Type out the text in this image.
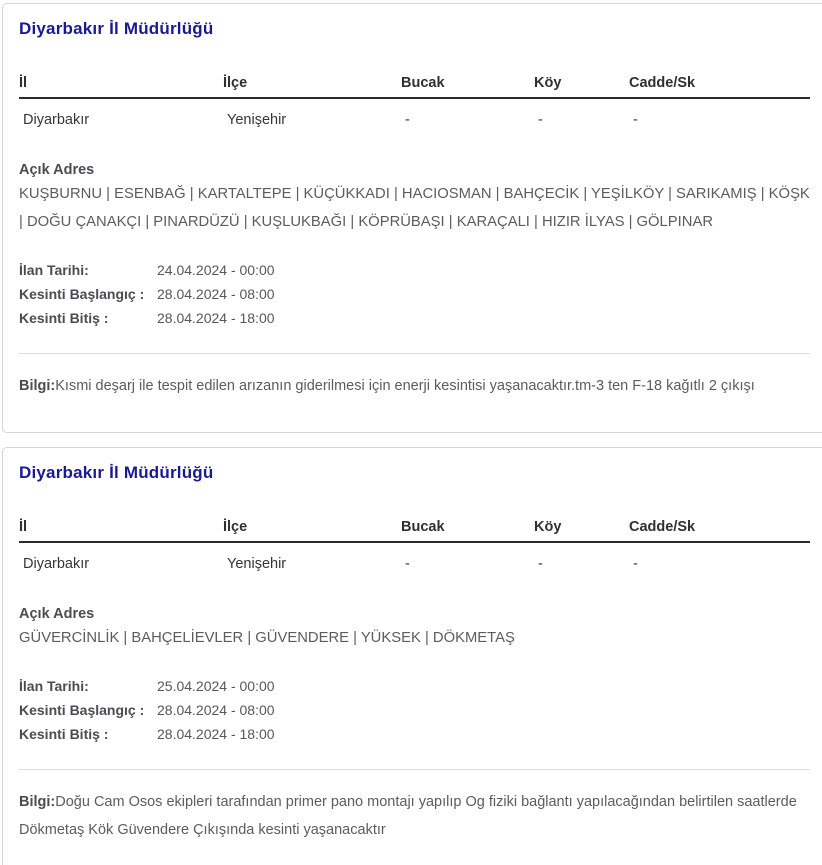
Diyarbakır İl Müdürlüğü
İl	İlçe	Bucak	Köy	Cadde/Sk
Diyarbakır	Yenişehir	-	-	-
Açık Adres
KUŞBURNU | ESENBAĞ | KARTALTEPE | KÜÇÜKKADI | HACIOSMAN | BAHÇECİK | YEŞİLKÖY | SARIKAMIŞ | KÖŞK | DOĞU ÇANAKÇI | PINARDÜZÜ | KUŞLUKBAĞI | KÖPRÜBAŞI | KARAÇALI | HIZIR İLYAS | GÖLPINAR
İlan Tarihi:	24.04.2024 - 00:00
Kesinti Başlangıç : 28.04.2024 - 08:00
Kesinti Bitiş :	28.04.2024 - 18:00

Bilgi:Kısmi deşarj ile tespit edilen arızanın giderilmesi için enerji kesintisi yaşanacaktır.tm-3 ten F-18 kağıtlı 2 çıkışı

Diyarbakır İl Müdürlüğü
İl	İlçe	Bucak	Köy	Cadde/Sk
Diyarbakır	Yenişehir	-	-	-
Açık Adres
GÜVERCİNLİK | BAHÇELİEVLER | GÜVENDERE | YÜKSEK | DÖKMETAŞ
İlan Tarihi:	25.04.2024 - 00:00
Kesinti Başlangıç : 28.04.2024 - 08:00
Kesinti Bitiş :	28.04.2024 - 18:00

Bilgi:Doğu Cam Osos ekipleri tarafından primer pano montajı yapılıp Og fiziki bağlantı yapılacağından belirtilen saatlerde Dökmetaş Kök Güvendere Çıkışında kesinti yaşanacaktır
